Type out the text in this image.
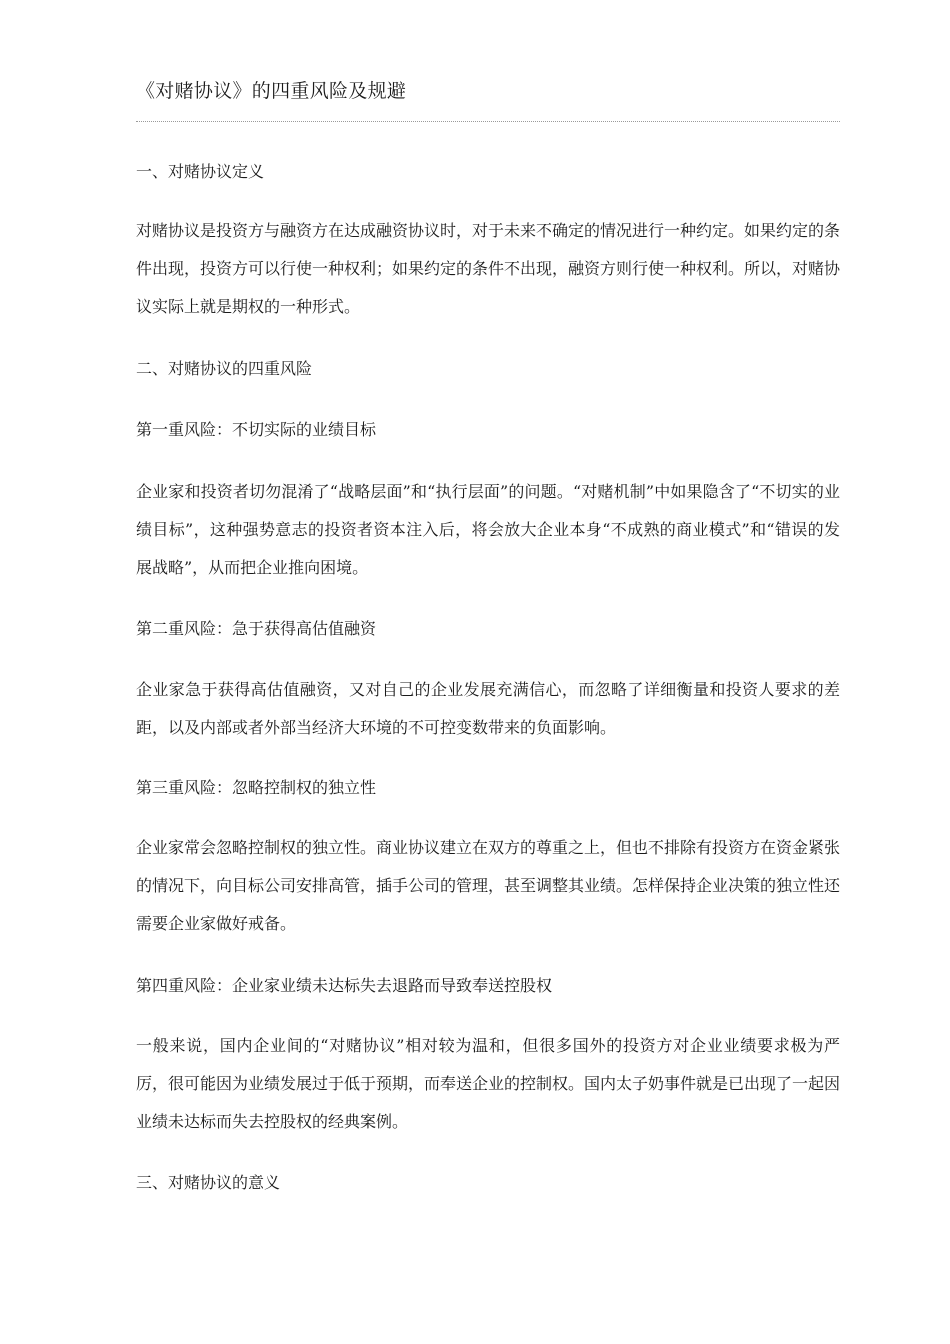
《对赌协议》的四重风险及规避

一、对赌协议定义

对赌协议是投资方与融资方在达成融资协议时，对于未来不确定的情况进行一种约定。如果约定的条件出现，投资方可以行使一种权利；如果约定的条件不出现，融资方则行使一种权利。所以，对赌协议实际上就是期权的一种形式。

二、对赌协议的四重风险

第一重风险：不切实际的业绩目标

企业家和投资者切勿混淆了“战略层面”和“执行层面”的问题。“对赌机制”中如果隐含了“不切实的业绩目标”，这种强势意志的投资者资本注入后，将会放大企业本身“不成熟的商业模式”和“错误的发展战略”，从而把企业推向困境。

第二重风险：急于获得高估值融资

企业家急于获得高估值融资，又对自己的企业发展充满信心，而忽略了详细衡量和投资人要求的差距，以及内部或者外部当经济大环境的不可控变数带来的负面影响。

第三重风险：忽略控制权的独立性

企业家常会忽略控制权的独立性。商业协议建立在双方的尊重之上，但也不排除有投资方在资金紧张的情况下，向目标公司安排高管，插手公司的管理，甚至调整其业绩。怎样保持企业决策的独立性还需要企业家做好戒备。

第四重风险：企业家业绩未达标失去退路而导致奉送控股权

一般来说，国内企业间的“对赌协议”相对较为温和，但很多国外的投资方对企业业绩要求极为严厉，很可能因为业绩发展过于低于预期，而奉送企业的控制权。国内太子奶事件就是已出现了一起因业绩未达标而失去控股权的经典案例。

三、对赌协议的意义
